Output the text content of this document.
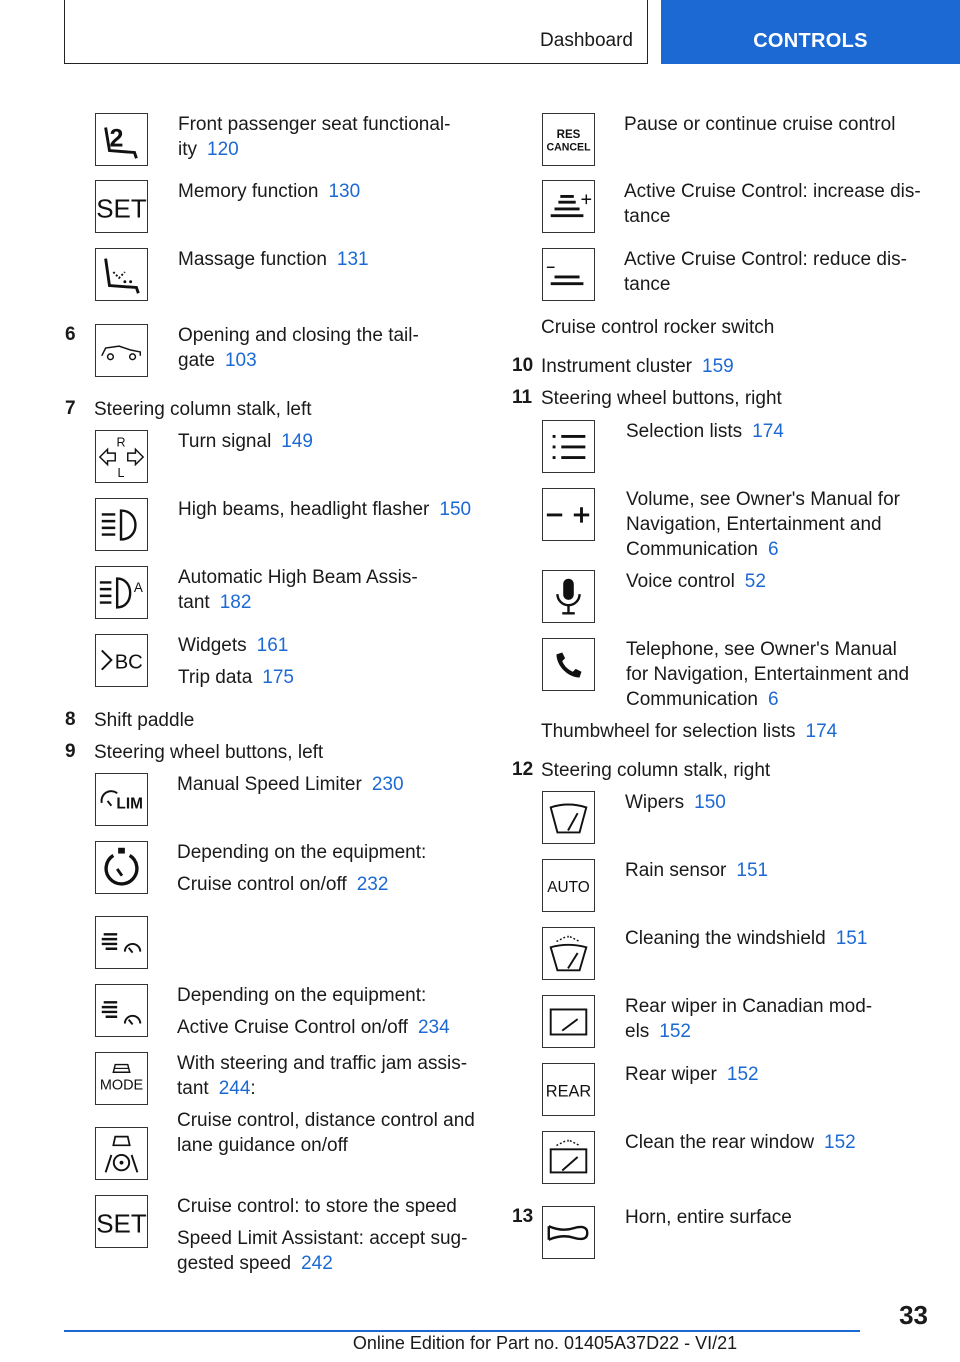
Dashboard	CONTROLS
2
Front passenger seat functional-
ity 120
SET
Memory function 130
Massage function 131
6	Opening and closing the tail-
gate 103
7 Steering column stalk, left
R
L
Turn signal 149
High beams, headlight flasher 150
A Automatic High Beam Assis-
tant 182
BC
Widgets 161
Trip data 175
8 Shift paddle
9 Steering wheel buttons, left
LIM
Manual Speed Limiter 230
Depending on the equipment:
Cruise control on/off 232
Depending on the equipment:
Active Cruise Control on/off 234
MODE
With steering and traffic jam assis-
tant 244:
Cruise control, distance control and
lane guidance on/off
SET
Cruise control: to store the speed
Speed Limit Assistant: accept sug-
gested speed 242
RES
CANCEL
Pause or continue cruise control
Active Cruise Control: increase dis-
tance
Active Cruise Control: reduce dis-
tance
Cruise control rocker switch
10 Instrument cluster 159
11 Steering wheel buttons, right
Selection lists 174
Volume, see Owner's Manual for
Navigation, Entertainment and
Communication 6
Voice control 52
Telephone, see Owner's Manual
for Navigation, Entertainment and
Communication 6
Thumbwheel for selection lists 174
12 Steering column stalk, right
Wipers 150
AUTO
Rain sensor 151
Cleaning the windshield 151
Rear wiper in Canadian mod-
els 152
REAR
Rear wiper 152
Clean the rear window 152
13	Horn, entire surface
33
Online Edition for Part no. 01405A37D22 - VI/21
